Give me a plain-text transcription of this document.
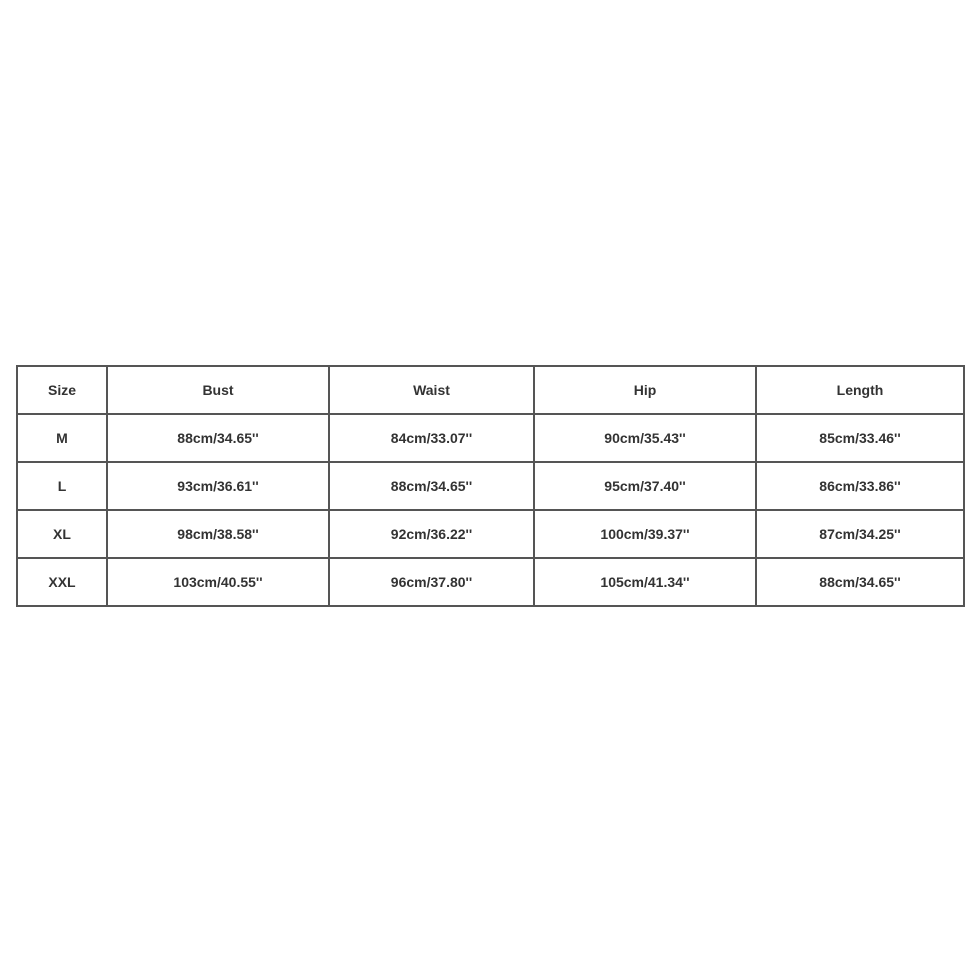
Size	Bust	Waist	Hip	Length
M	88cm/34.65''	84cm/33.07''	90cm/35.43''	85cm/33.46''
L	93cm/36.61''	88cm/34.65''	95cm/37.40''	86cm/33.86''
XL	98cm/38.58''	92cm/36.22''	100cm/39.37''	87cm/34.25''
XXL	103cm/40.55''	96cm/37.80''	105cm/41.34''	88cm/34.65''
